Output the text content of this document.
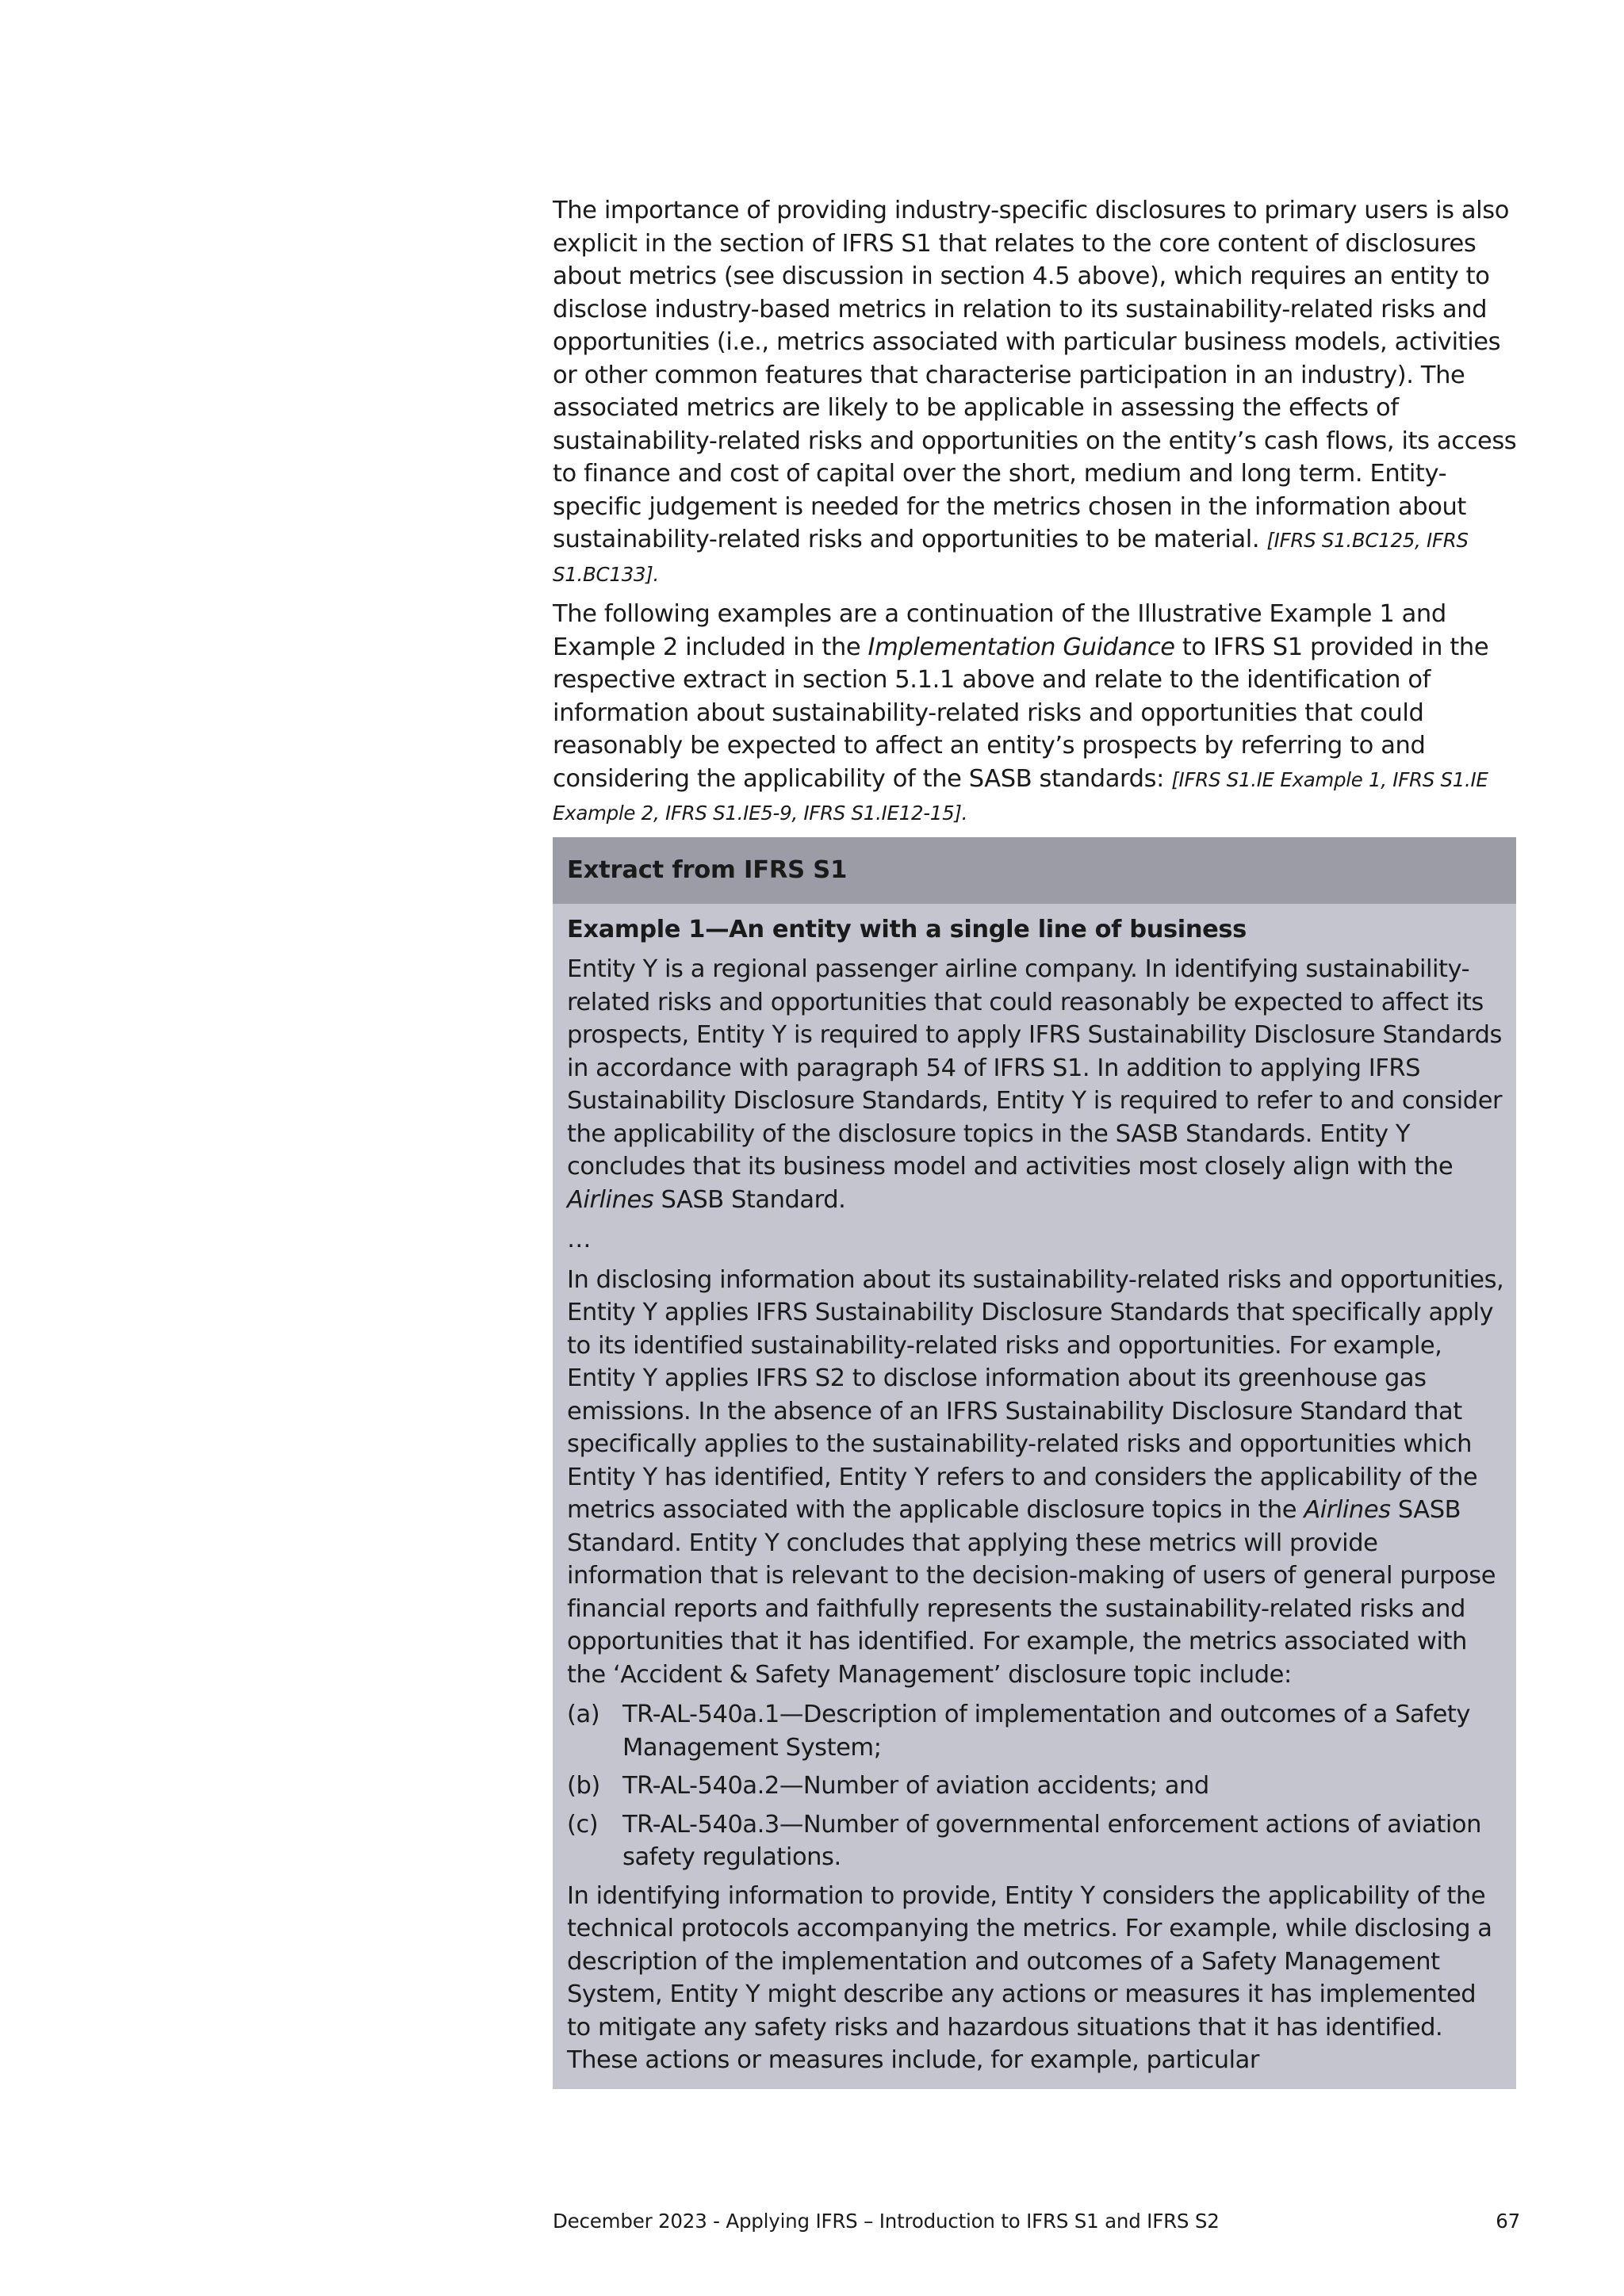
The importance of providing industry-specific disclosures to primary users is also explicit in the section of IFRS S1 that relates to the core content of disclosures about metrics (see discussion in section 4.5 above), which requires an entity to disclose industry-based metrics in relation to its sustainability-related risks and opportunities (i.e., metrics associated with particular business models, activities or other common features that characterise participation in an industry). The associated metrics are likely to be applicable in assessing the effects of sustainability-related risks and opportunities on the entity’s cash flows, its access to finance and cost of capital over the short, medium and long term. Entity-specific judgement is needed for the metrics chosen in the information about sustainability-related risks and opportunities to be material. [IFRS S1.BC125, IFRS S1.BC133].

The following examples are a continuation of the Illustrative Example 1 and Example 2 included in the Implementation Guidance to IFRS S1 provided in the respective extract in section 5.1.1 above and relate to the identification of information about sustainability-related risks and opportunities that could reasonably be expected to affect an entity’s prospects by referring to and considering the applicability of the SASB standards: [IFRS S1.IE Example 1, IFRS S1.IE Example 2, IFRS S1.IE5-9, IFRS S1.IE12-15].

Extract from IFRS S1

Example 1—An entity with a single line of business

Entity Y is a regional passenger airline company. In identifying sustainability-related risks and opportunities that could reasonably be expected to affect its prospects, Entity Y is required to apply IFRS Sustainability Disclosure Standards in accordance with paragraph 54 of IFRS S1. In addition to applying IFRS Sustainability Disclosure Standards, Entity Y is required to refer to and consider the applicability of the disclosure topics in the SASB Standards. Entity Y concludes that its business model and activities most closely align with the Airlines SASB Standard.

…

In disclosing information about its sustainability-related risks and opportunities, Entity Y applies IFRS Sustainability Disclosure Standards that specifically apply to its identified sustainability-related risks and opportunities. For example, Entity Y applies IFRS S2 to disclose information about its greenhouse gas emissions. In the absence of an IFRS Sustainability Disclosure Standard that specifically applies to the sustainability-related risks and opportunities which Entity Y has identified, Entity Y refers to and considers the applicability of the metrics associated with the applicable disclosure topics in the Airlines SASB Standard. Entity Y concludes that applying these metrics will provide information that is relevant to the decision-making of users of general purpose financial reports and faithfully represents the sustainability-related risks and opportunities that it has identified. For example, the metrics associated with the ‘Accident & Safety Management’ disclosure topic include:

(a) TR-AL-540a.1—Description of implementation and outcomes of a Safety Management System;
(b) TR-AL-540a.2—Number of aviation accidents; and
(c)	TR-AL-540a.3—Number of governmental enforcement actions of aviation safety regulations.

In identifying information to provide, Entity Y considers the applicability of the technical protocols accompanying the metrics. For example, while disclosing a description of the implementation and outcomes of a Safety Management System, Entity Y might describe any actions or measures it has implemented to mitigate any safety risks and hazardous situations that it has identified. These actions or measures include, for example, particular

December 2023 - Applying IFRS – Introduction to IFRS S1 and IFRS S2	67
